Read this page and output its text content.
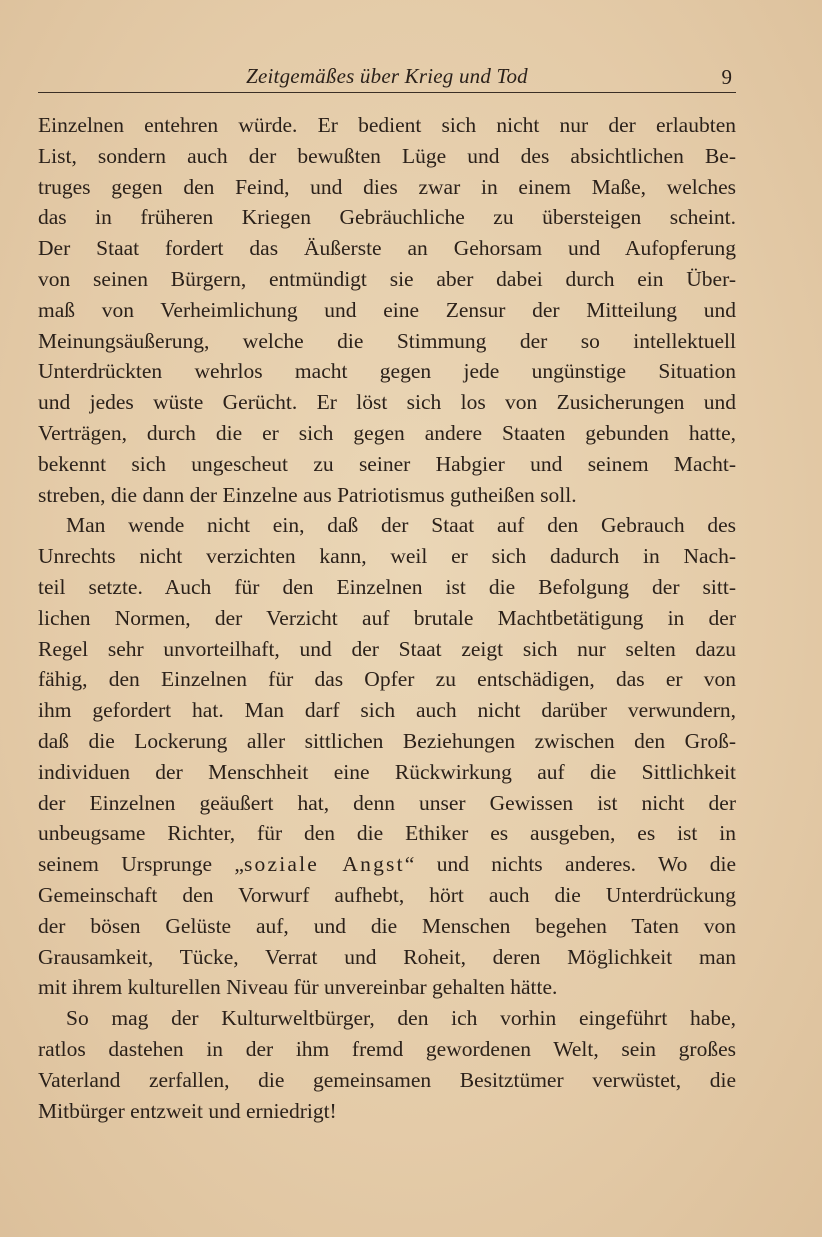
Zeitgemäßes über Krieg und Tod	9
Einzelnen entehren würde. Er bedient sich nicht nur der erlaubten
List, sondern auch der bewußten Lüge und des absichtlichen Be-
truges gegen den Feind, und dies zwar in einem Maße, welches
das in früheren Kriegen Gebräuchliche zu übersteigen scheint.
Der Staat fordert das Äußerste an Gehorsam und Aufopferung
von seinen Bürgern, entmündigt sie aber dabei durch ein Über-
maß von Verheimlichung und eine Zensur der Mitteilung und
Meinungsäußerung, welche die Stimmung der so intellektuell
Unterdrückten wehrlos macht gegen jede ungünstige Situation
und jedes wüste Gerücht. Er löst sich los von Zusicherungen und
Verträgen, durch die er sich gegen andere Staaten gebunden hatte,
bekennt sich ungescheut zu seiner Habgier und seinem Macht-
streben, die dann der Einzelne aus Patriotismus gutheißen soll.
Man wende nicht ein, daß der Staat auf den Gebrauch des
Unrechts nicht verzichten kann, weil er sich dadurch in Nach-
teil setzte. Auch für den Einzelnen ist die Befolgung der sitt-
lichen Normen, der Verzicht auf brutale Machtbetätigung in der
Regel sehr unvorteilhaft, und der Staat zeigt sich nur selten dazu
fähig, den Einzelnen für das Opfer zu entschädigen, das er von
ihm gefordert hat. Man darf sich auch nicht darüber verwundern,
daß die Lockerung aller sittlichen Beziehungen zwischen den Groß-
individuen der Menschheit eine Rückwirkung auf die Sittlichkeit
der Einzelnen geäußert hat, denn unser Gewissen ist nicht der
unbeugsame Richter, für den die Ethiker es ausgeben, es ist in
seinem Ursprunge „soziale Angst“ und nichts anderes. Wo die
Gemeinschaft den Vorwurf aufhebt, hört auch die Unterdrückung
der bösen Gelüste auf, und die Menschen begehen Taten von
Grausamkeit, Tücke, Verrat und Roheit, deren Möglichkeit man
mit ihrem kulturellen Niveau für unvereinbar gehalten hätte.
So mag der Kulturweltbürger, den ich vorhin eingeführt habe,
ratlos dastehen in der ihm fremd gewordenen Welt, sein großes
Vaterland zerfallen, die gemeinsamen Besitztümer verwüstet, die
Mitbürger entzweit und erniedrigt!
